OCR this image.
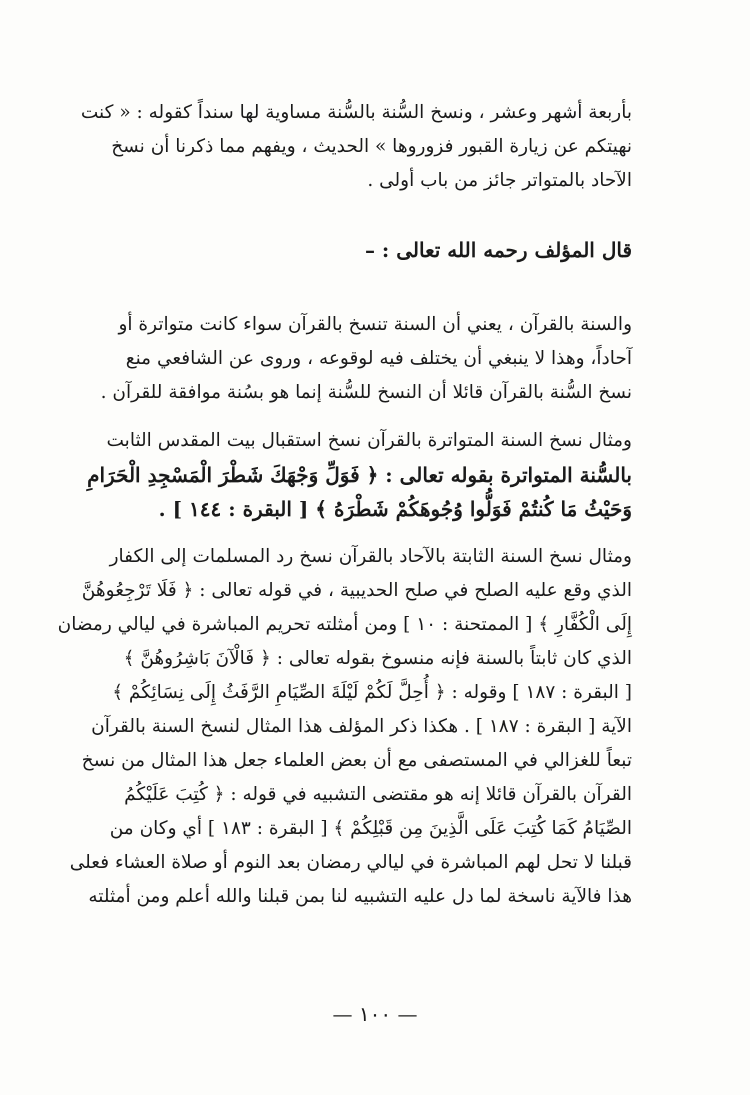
بأربعة أشهر وعشر ، ونسخ السُّنة بالسُّنة مساوية لها سنداً كقوله : « كنت
نهيتكم عن زيارة القبور فزوروها » الحديث ، ويفهم مما ذكرنا أن نسخ
الآحاد بالمتواتر جائز من باب أولى .
قال المؤلف رحمه الله تعالى : –
والسنة بالقرآن ، يعني أن السنة تنسخ بالقرآن سواء كانت متواترة أو
آحاداً، وهذا لا ينبغي أن يختلف فيه لوقوعه ، وروى عن الشافعي منع
نسخ السُّنة بالقرآن قائلا أن النسخ للسُّنة إنما هو بسُنة موافقة للقرآن .
ومثال نسخ السنة المتواترة بالقرآن نسخ استقبال بيت المقدس الثابت
بالسُّنة المتواترة بقوله تعالى : ﴿ فَوَلِّ وَجْهَكَ شَطْرَ الْمَسْجِدِ الْحَرَامِ
وَحَيْثُ مَا كُنتُمْ فَوَلُّوا وُجُوهَكُمْ شَطْرَهُ ﴾ [ البقرة : ١٤٤ ] .
ومثال نسخ السنة الثابتة بالآحاد بالقرآن نسخ رد المسلمات إلى الكفار
الذي وقع عليه الصلح في صلح الحديبية ، في قوله تعالى : ﴿ فَلَا تَرْجِعُوهُنَّ
إِلَى الْكُفَّارِ ﴾ [ الممتحنة : ١٠ ] ومن أمثلته تحريم المباشرة في ليالي رمضان
الذي كان ثابتاً بالسنة فإنه منسوخ بقوله تعالى : ﴿ فَالْآنَ بَاشِرُوهُنَّ ﴾
[ البقرة : ١٨٧ ] وقوله : ﴿ أُحِلَّ لَكُمْ لَيْلَةَ الصِّيَامِ الرَّفَثُ إِلَى نِسَائِكُمْ ﴾
الآية [ البقرة : ١٨٧ ] . هكذا ذكر المؤلف هذا المثال لنسخ السنة بالقرآن
تبعاً للغزالي في المستصفى مع أن بعض العلماء جعل هذا المثال من نسخ
القرآن بالقرآن قائلا إنه هو مقتضى التشبيه في قوله : ﴿ كُتِبَ عَلَيْكُمُ
الصِّيَامُ كَمَا كُتِبَ عَلَى الَّذِينَ مِن قَبْلِكُمْ ﴾ [ البقرة : ١٨٣ ] أي وكان من
قبلنا لا تحل لهم المباشرة في ليالي رمضان بعد النوم أو صلاة العشاء فعلى
هذا فالآية ناسخة لما دل عليه التشبيه لنا بمن قبلنا والله أعلم ومن أمثلته
— ١٠٠ —
